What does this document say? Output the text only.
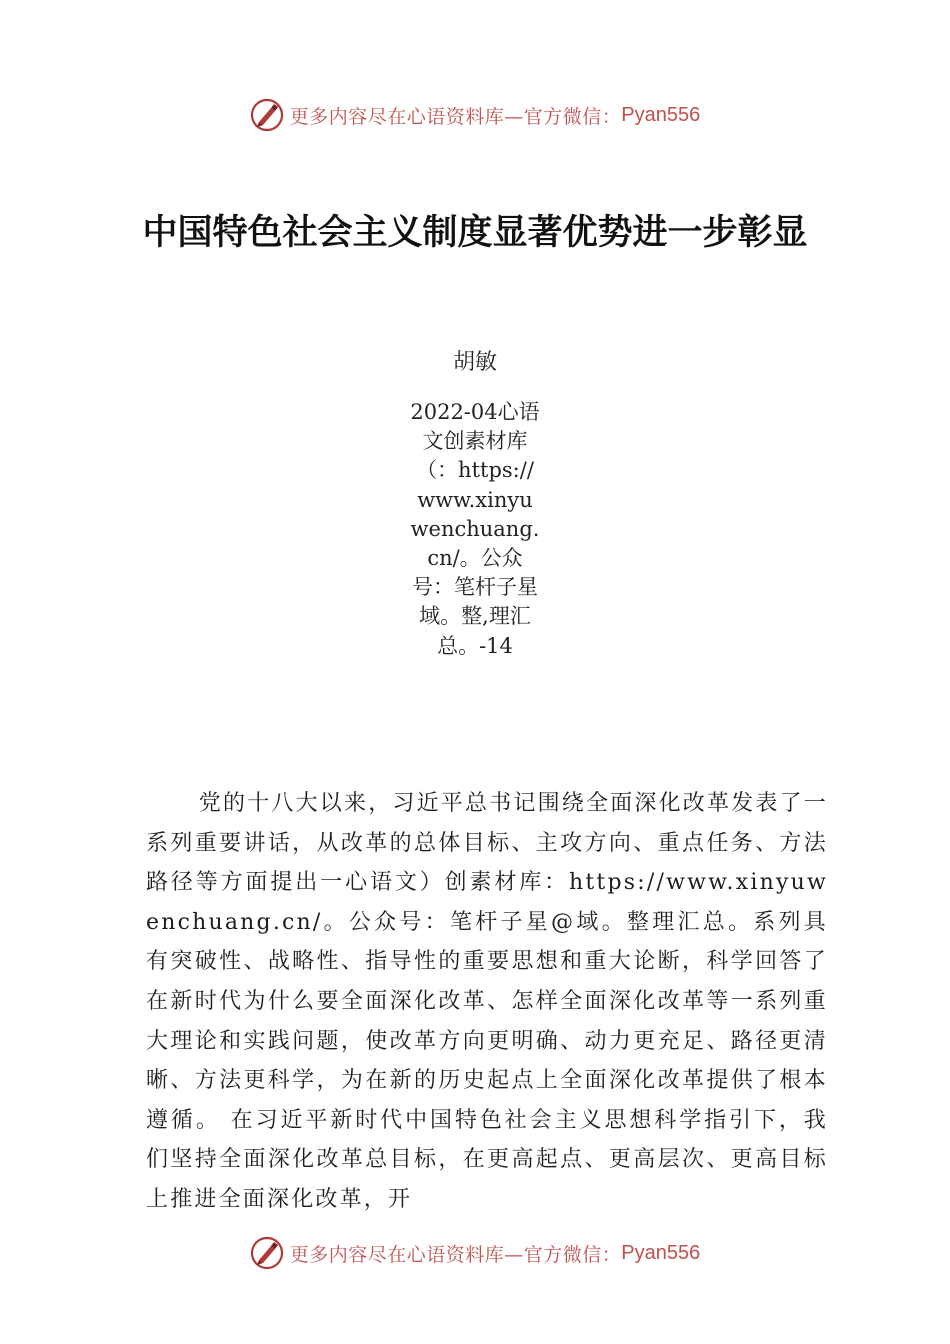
更多内容尽在心语资料库—官方微信： Pyan556
中国特色社会主义制度显著优势进一步彰显
胡敏
2022-04心语文创素材库（：https://www.xinyuwenchuang.cn/。公众号：笔杆子星域。整,理汇总。-14

党的十八大以来，习近平总书记围绕全面深化改革发表了一系列重要讲话，从改革的总体目标、主攻方向、重点任务、方法路径等方面提出一心语文）创素材库：https://www.xinyuwenchuang.cn/。公众号：笔杆子星@域。整理汇总。系列具有突破性、战略性、指导性的重要思想和重大论断，科学回答了在新时代为什么要全面深化改革、怎样全面深化改革等一系列重大理论和实践问题，使改革方向更明确、动力更充足、路径更清晰、方法更科学，为在新的历史起点上全面深化改革提供了根本遵循。 在习近平新时代中国特色社会主义思想科学指引下，我们坚持全面深化改革总目标，在更高起点、更高层次、更高目标上推进全面深化改革，开

更多内容尽在心语资料库—官方微信： Pyan556
